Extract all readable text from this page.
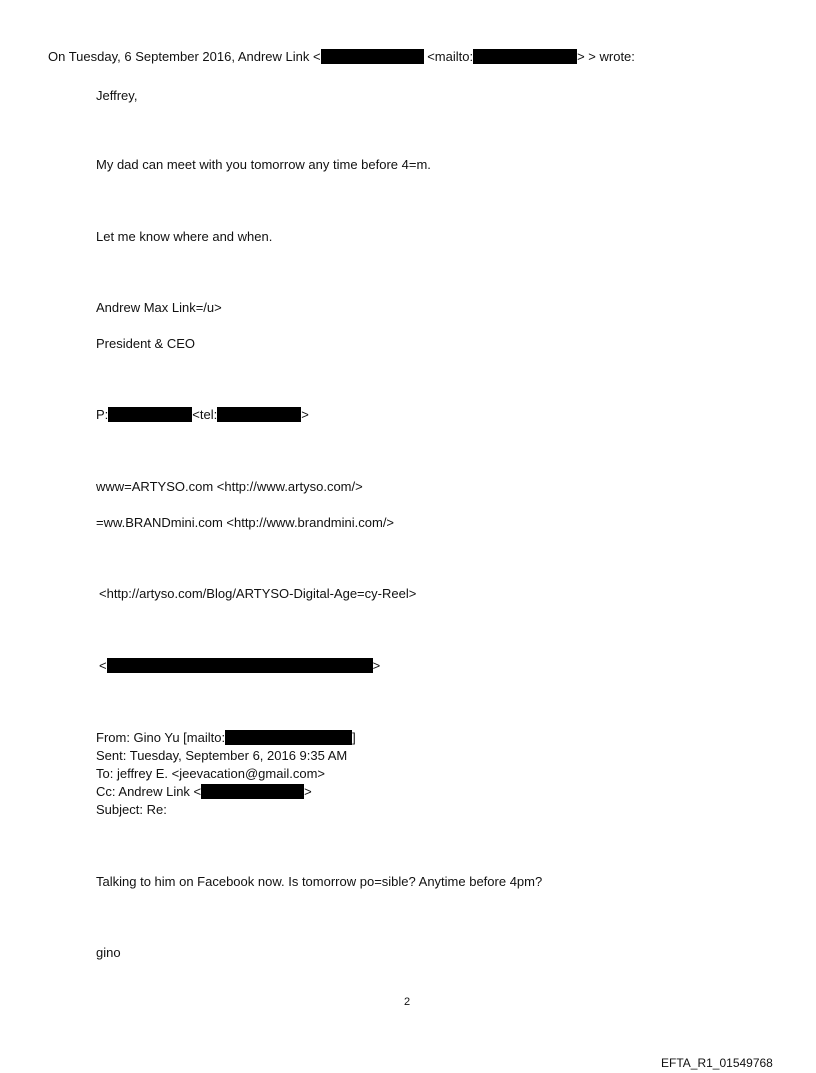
On Tuesday, 6 September 2016, Andrew Link <	<mailto:	> > wrote:
Jeffrey,
My dad can meet with you tomorrow any time before 4=m.
Let me know where and when.
Andrew Max Link=/u>
President & CEO
P:	<tel:	>
www=ARTYSO.com <http://www.artyso.com/>
=ww.BRANDmini.com <http://www.brandmini.com/>
<http://artyso.com/Blog/ARTYSO-Digital-Age=cy-Reel>
<	>
From: Gino Yu [mailto:	]
Sent: Tuesday, September 6, 2016 9:35 AM
To: jeffrey E. <jeevacation@gmail.com>
Cc: Andrew Link <	>
Subject: Re:
Talking to him on Facebook now. Is tomorrow po=sible? Anytime before 4pm?
gino
2
EFTA_R1_01549768
